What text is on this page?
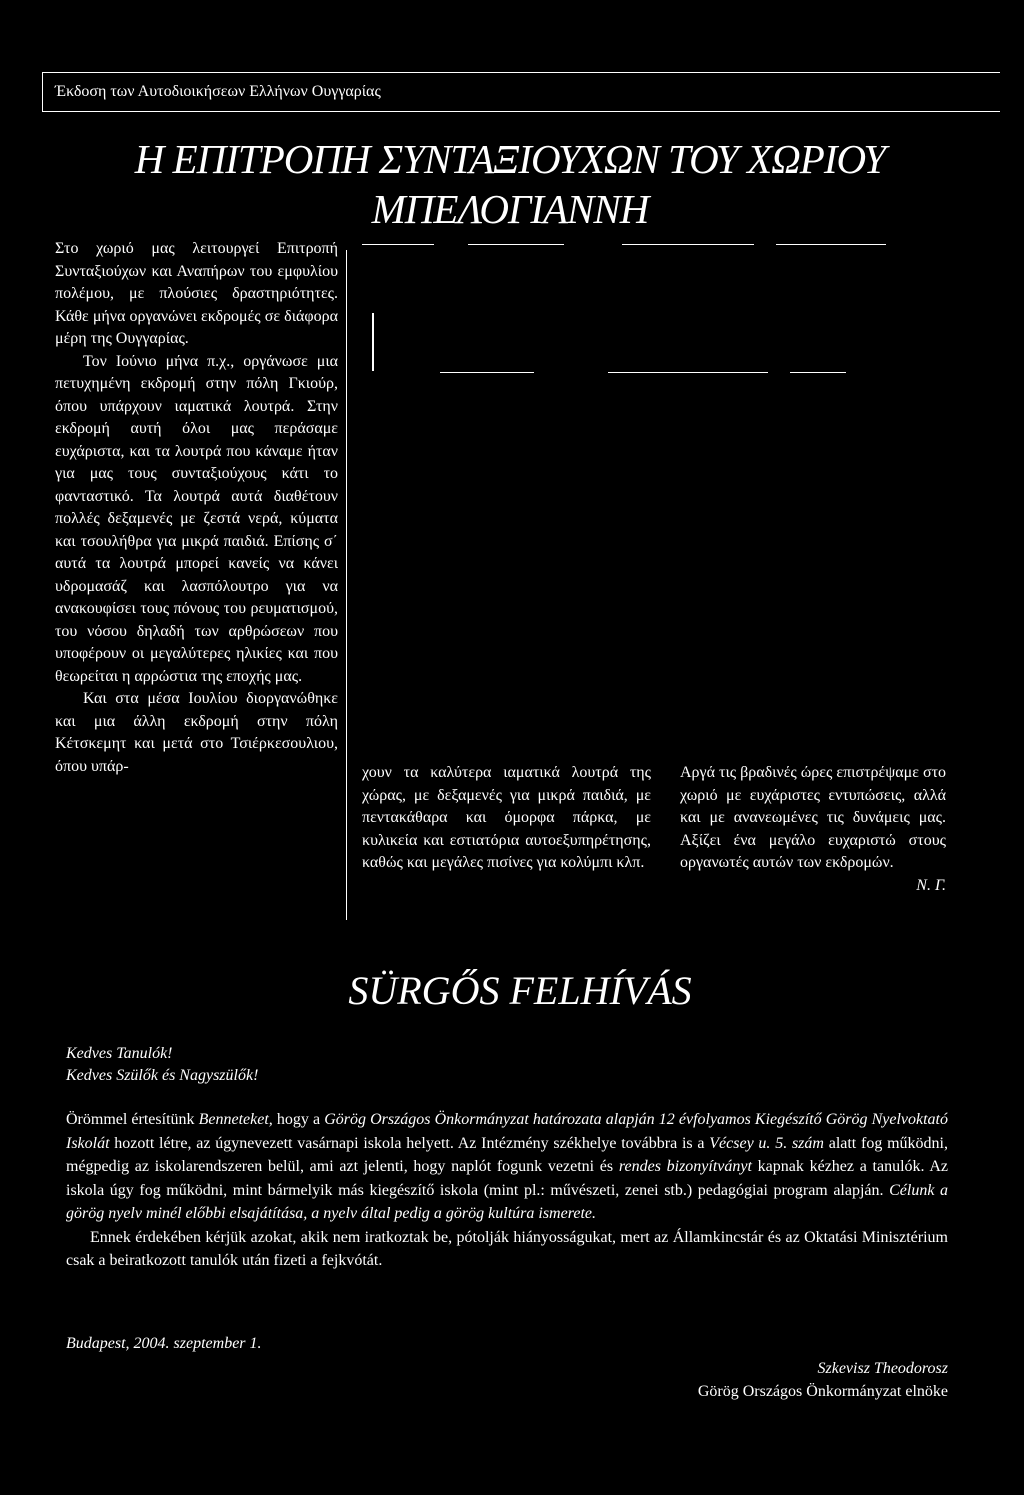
Έκδοση των Αυτοδιοικήσεων Ελλήνων Ουγγαρίας
Η ΕΠΙΤΡΟΠΗ ΣΥΝΤΑΞΙΟΥΧΩΝ ΤΟΥ ΧΩΡΙΟΥ
ΜΠΕΛΟΓΙΑΝΝΗ

Στο χωριό μας λειτουργεί Επιτροπή Συνταξιούχων και Αναπήρων του εμφυλίου πολέμου, με πλούσιες δραστηριότητες. Κάθε μήνα οργανώνει εκδρομές σε διάφορα μέρη της Ουγγαρίας.

Τον Ιούνιο μήνα π.χ., οργάνωσε μια πετυχημένη εκδρομή στην πόλη Γκιούρ, όπου υπάρχουν ιαματικά λουτρά. Στην εκδρομή αυτή όλοι μας περάσαμε ευχάριστα, και τα λουτρά που κάναμε ήταν για μας τους συνταξιούχους κάτι το φανταστικό. Τα λουτρά αυτά διαθέτουν πολλές δεξαμενές με ζεστά νερά, κύματα και τσουλήθρα για μικρά παιδιά. Επίσης σ΄ αυτά τα λουτρά μπορεί κανείς να κάνει υδρομασάζ και λασπόλουτρο για να ανακουφίσει τους πόνους του ρευματισμού, του νόσου δηλαδή των αρθρώσεων που υποφέρουν οι μεγαλύτερες ηλικίες και που θεωρείται η αρρώστια της εποχής μας.

Και στα μέσα Ιουλίου διοργανώθηκε και μια άλλη εκδρομή στην πόλη Κέτσκεμητ και μετά στο Τσιέρκεσουλιου, όπου υπάρ-	χουν τα καλύτερα ιαματικά λουτρά της χώρας, με δεξαμενές για μικρά παιδιά, με πεντακάθαρα και όμορφα πάρκα, με κυλικεία και εστιατόρια αυτοεξυπηρέτησης, καθώς και μεγάλες πισίνες για κολύμπι κλπ.

Αργά τις βραδινές ώρες επιστρέψαμε στο χωριό με ευχάριστες εντυπώσεις, αλλά και με ανανεωμένες τις δυνάμεις μας. Αξίζει ένα μεγάλο ευχαριστώ στους οργανωτές αυτών των εκδρομών.

Ν. Γ.

SÜRGŐS FELHÍVÁS
Kedves Tanulók!
Kedves Szülők és Nagyszülők!

Örömmel értesítünk Benneteket, hogy a Görög Országos Önkormányzat határozata alapján 12 évfolyamos Kiegészítő Görög Nyelvoktató Iskolát hozott létre, az úgynevezett vasárnapi iskola helyett. Az Intézmény székhelye továbbra is a Vécsey u. 5. szám alatt fog működni, mégpedig az iskolarendszeren belül, ami azt jelenti, hogy naplót fogunk vezetni és rendes bizonyítványt kapnak kézhez a tanulók. Az iskola úgy fog működni, mint bármelyik más kiegészítő iskola (mint pl.: művészeti, zenei stb.) pedagógiai program alapján. Célunk a görög nyelv minél előbbi elsajátítása, a nyelv által pedig a görög kultúra ismerete.

Ennek érdekében kérjük azokat, akik nem iratkoztak be, pótolják hiányosságukat, mert az Államkincstár és az Oktatási Minisztérium csak a beiratkozott tanulók után fizeti a fejkvótát.

Budapest, 2004. szeptember 1.
Szkevisz Theodorosz
Görög Országos Önkormányzat elnöke
